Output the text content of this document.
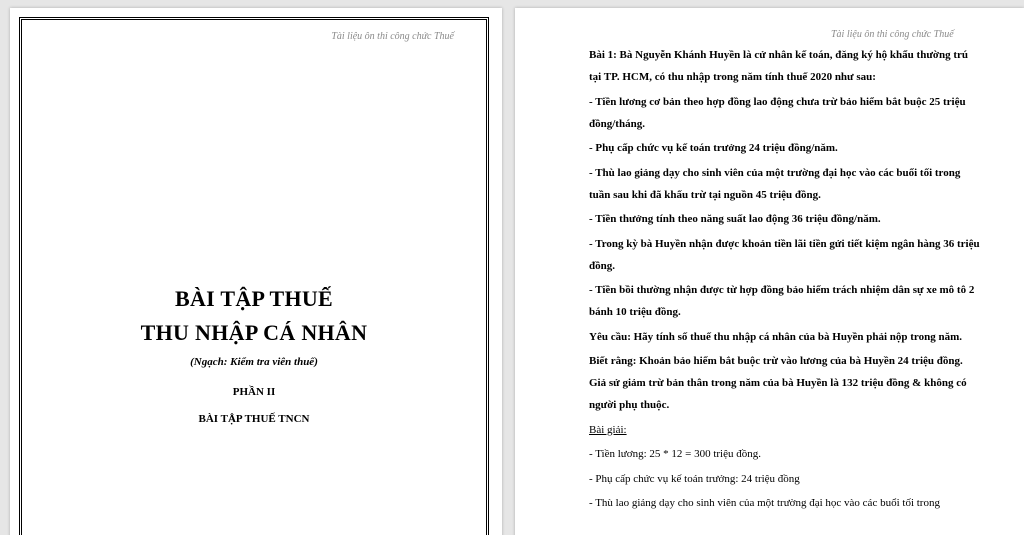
Tài liệu ôn thi công chức Thuế
BÀI TẬP THUẾ
THU NHẬP CÁ NHÂN
(Ngạch: Kiểm tra viên thuế)
PHẦN II
BÀI TẬP THUẾ TNCN
Tài liệu ôn thi công chức Thuế

Bài 1: Bà Nguyễn Khánh Huyền là cử nhân kế toán, đăng ký hộ khẩu thường trú tại TP. HCM, có thu nhập trong năm tính thuế 2020 như sau:

- Tiền lương cơ bản theo hợp đồng lao động chưa trừ bảo hiểm bắt buộc 25 triệu đồng/tháng.

- Phụ cấp chức vụ kế toán trưởng 24 triệu đồng/năm.

- Thù lao giảng dạy cho sinh viên của một trường đại học vào các buổi tối trong tuần sau khi đã khấu trừ tại nguồn 45 triệu đồng.

- Tiền thưởng tính theo năng suất lao động 36 triệu đồng/năm.

- Trong kỳ bà Huyền nhận được khoản tiền lãi tiền gửi tiết kiệm ngân hàng 36 triệu đồng.

- Tiền bồi thường nhận được từ hợp đồng bảo hiểm trách nhiệm dân sự xe mô tô 2 bánh 10 triệu đồng.

Yêu cầu: Hãy tính số thuế thu nhập cá nhân của bà Huyền phải nộp trong năm.

Biết rằng: Khoản bảo hiểm bắt buộc trừ vào lương của bà Huyền 24 triệu đồng. Giả sử giảm trừ bản thân trong năm của bà Huyền là 132 triệu đồng & không có người phụ thuộc.

Bài giải:

- Tiền lương: 25 * 12 = 300 triệu đồng.

- Phụ cấp chức vụ kế toán trưởng: 24 triệu đồng

- Thù lao giảng dạy cho sinh viên của một trường đại học vào các buổi tối trong
